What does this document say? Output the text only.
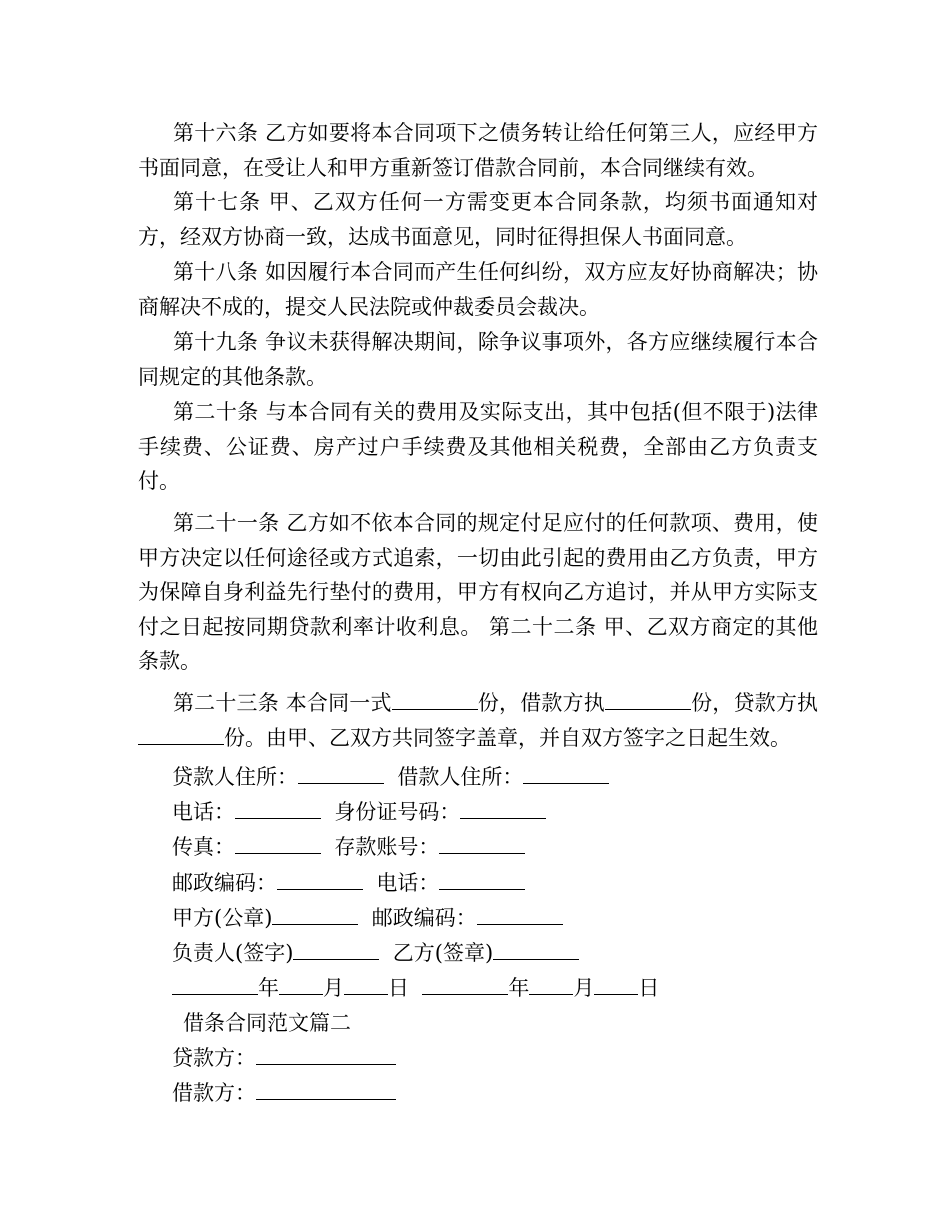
第十六条 乙方如要将本合同项下之债务转让给任何第三人，应经甲方书面同意，在受让人和甲方重新签订借款合同前，本合同继续有效。

第十七条 甲、乙双方任何一方需变更本合同条款，均须书面通知对方，经双方协商一致，达成书面意见，同时征得担保人书面同意。

第十八条 如因履行本合同而产生任何纠纷，双方应友好协商解决；协商解决不成的，提交人民法院或仲裁委员会裁决。

第十九条 争议未获得解决期间，除争议事项外，各方应继续履行本合同规定的其他条款。

第二十条 与本合同有关的费用及实际支出，其中包括(但不限于)法律手续费、公证费、房产过户手续费及其他相关税费，全部由乙方负责支付。

第二十一条 乙方如不依本合同的规定付足应付的任何款项、费用，使甲方决定以任何途径或方式追索，一切由此引起的费用由乙方负责，甲方为保障自身利益先行垫付的费用，甲方有权向乙方追讨，并从甲方实际支付之日起按同期贷款利率计收利息。 第二十二条 甲、乙双方商定的其他条款。

第二十三条 本合同一式	份，借款方执	份，贷款方执份。由甲、乙双方共同签字盖章，并自双方签字之日起生效。

贷款人住所：	借款人住所：
电话：	身份证号码：
传真：	存款账号：
邮政编码：	电话：
甲方(公章)	邮政编码：
负责人(签字)	乙方(签章)
年 月 日	年 月 日
借条合同范文篇二
贷款方：
借款方：
